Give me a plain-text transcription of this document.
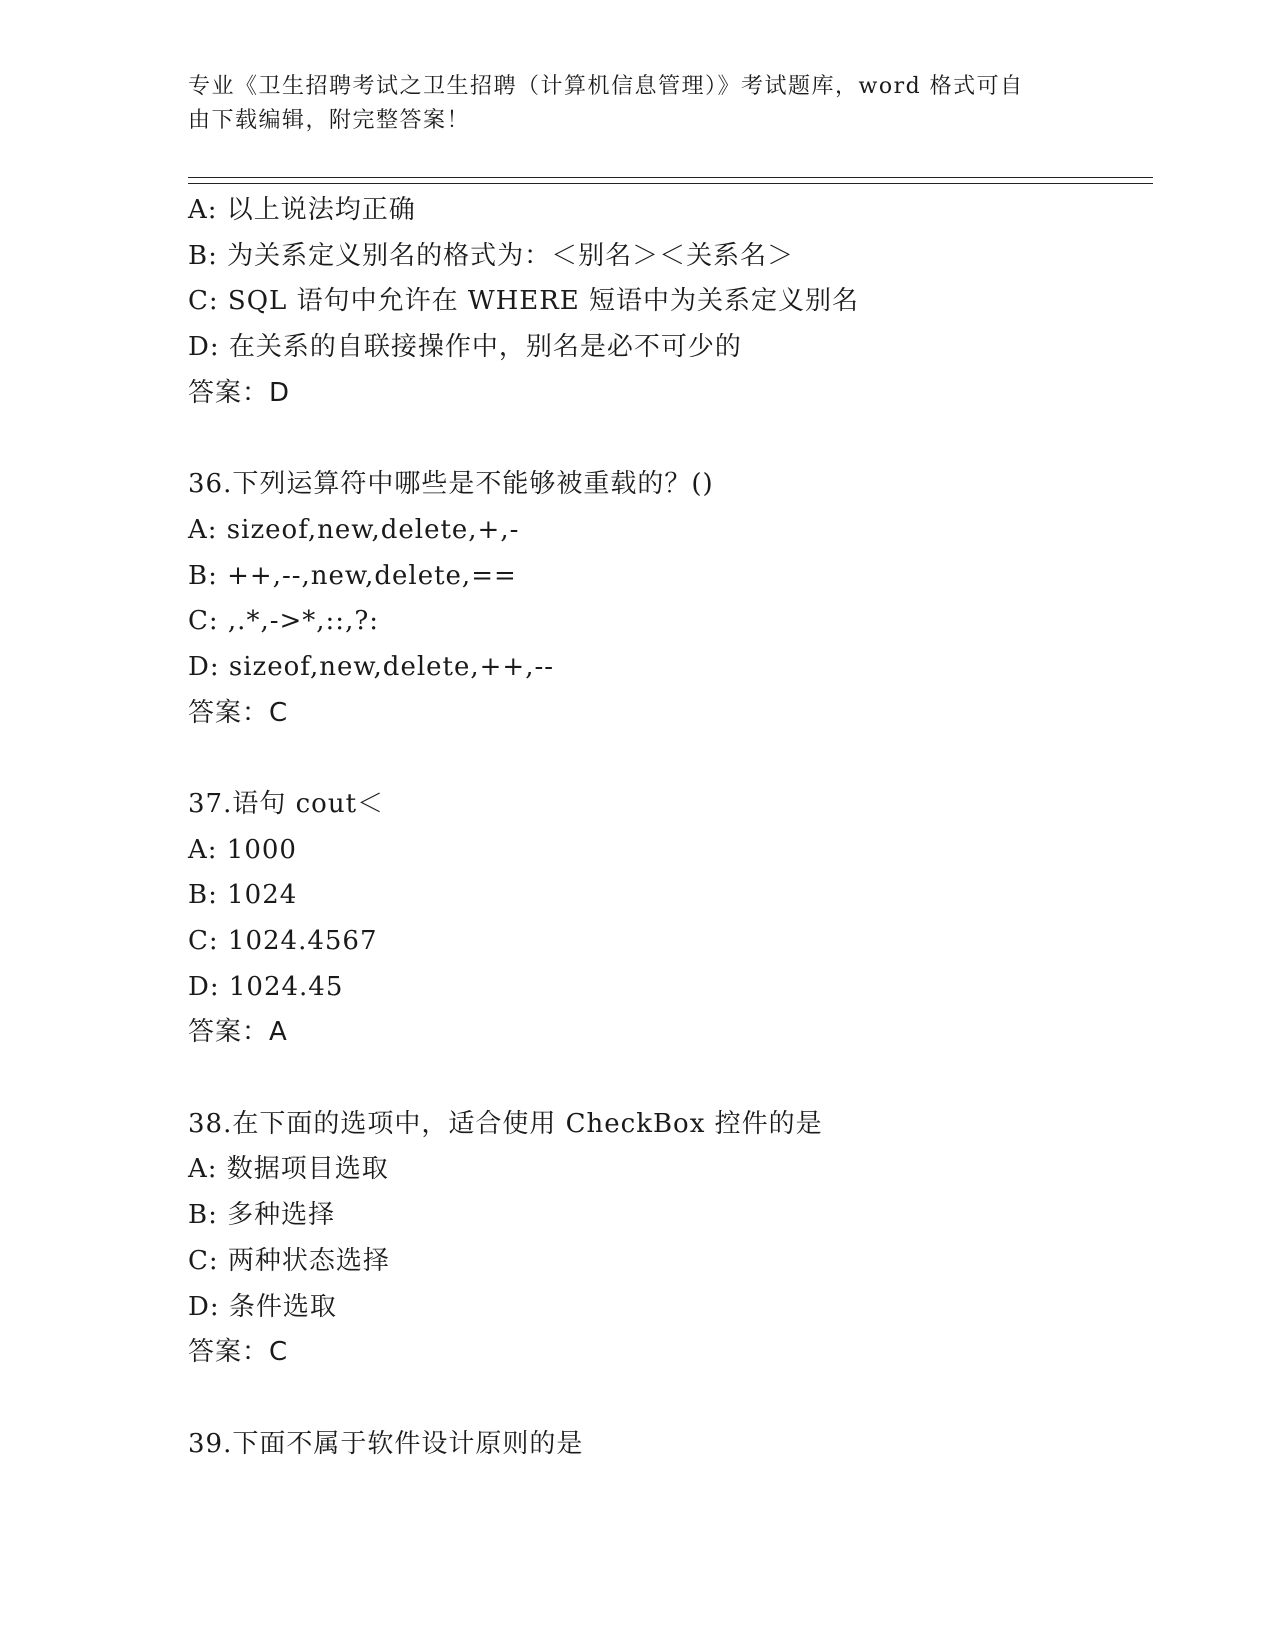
专业《卫生招聘考试之卫生招聘（计算机信息管理）》考试题库，word 格式可自
由下载编辑，附完整答案！
A: 以上说法均正确
B: 为关系定义别名的格式为：＜别名＞＜关系名＞
C: SQL 语句中允许在 WHERE 短语中为关系定义别名
D: 在关系的自联接操作中，别名是必不可少的
答案：D
36.下列运算符中哪些是不能够被重载的？()
A: sizeof,new,delete,+,-
B: ++,--,new,delete,==
C: ,.*,->*,::,?:
D: sizeof,new,delete,++,--
答案：C
37.语句 cout＜
A: 1000
B: 1024
C: 1024.4567
D: 1024.45
答案：A
38.在下面的选项中，适合使用 CheckBox 控件的是
A: 数据项目选取
B: 多种选择
C: 两种状态选择
D: 条件选取
答案：C
39.下面不属于软件设计原则的是
